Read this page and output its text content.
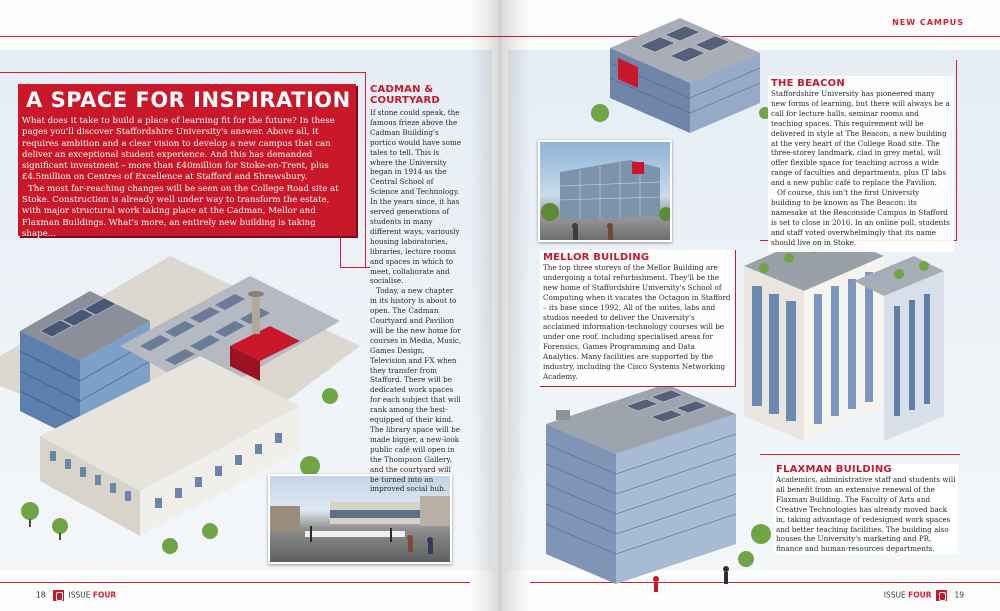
NEW CAMPUS
A SPACE FOR INSPIRATION

What does it take to build a place of learning fit for the future? In these pages you'll discover Staffordshire University's answer. Above all, it requires ambition and a clear vision to develop a new campus that can deliver an exceptional student experience. And this has demanded significant investment – more than £40million for Stoke-on-Trent, plus £4.5million on Centres of Excellence at Stafford and Shrewsbury.

The most far-reaching changes will be seen on the College Road site at Stoke. Construction is already well under way to transform the estate, with major structural work taking place at the Cadman, Mellor and Flaxman Buildings. What's more, an entirely new building is taking shape...

CADMAN & COURTYARD

If stone could speak, the famous frieze above the Cadman Building's portico would have some tales to tell. This is where the University began in 1914 as the Central School of Science and Technology. In the years since, it has served generations of students in many different ways, variously housing laboratories, libraries, lecture rooms and spaces in which to meet, collaborate and socialise.

Today, a new chapter in its history is about to open. The Cadman Courtyard and Pavilion will be the new home for courses in Media, Music, Games Design, Television and FX when they transfer from Stafford. There will be dedicated work spaces for each subject that will rank among the best-equipped of their kind. The library space will be made bigger, a new-look public café will open in the Thompson Gallery, and the courtyard will be turned into an improved social hub.

THE BEACON

Staffordshire University has pioneered many new forms of learning, but there will always be a call for lecture halls, seminar rooms and teaching spaces. This requirement will be delivered in style at The Beacon, a new building at the very heart of the College Road site. The three-storey landmark, clad in grey metal, will offer flexible space for teaching across a wide range of faculties and departments, plus IT labs and a new public café to replace the Pavilion.

Of course, this isn't the first University building to be known as The Beacon: its namesake at the Beaconside Campus in Stafford is set to close in 2016. In an online poll, students and staff voted overwhelmingly that its name should live on in Stoke.

MELLOR BUILDING

The top three storeys of the Mellor Building are undergoing a total refurbishment. They'll be the new home of Staffordshire University's School of Computing when it vacates the Octagon in Stafford – its base since 1992. All of the suites, labs and studios needed to deliver the University's acclaimed information-technology courses will be under one roof, including specialised areas for Forensics, Games Programming and Data Analytics. Many facilities are supported by the industry, including the Cisco Systems Networking Academy.

FLAXMAN BUILDING

Academics, administrative staff and students will all benefit from an extensive renewal of the Flaxman Building. The Faculty of Arts and Creative Technologies has already moved back in, taking advantage of redesigned work spaces and better teaching facilities. The building also houses the University's marketing and PR, finance and human-resources departments.

18	ISSUE FOUR	ISSUE FOUR	19
